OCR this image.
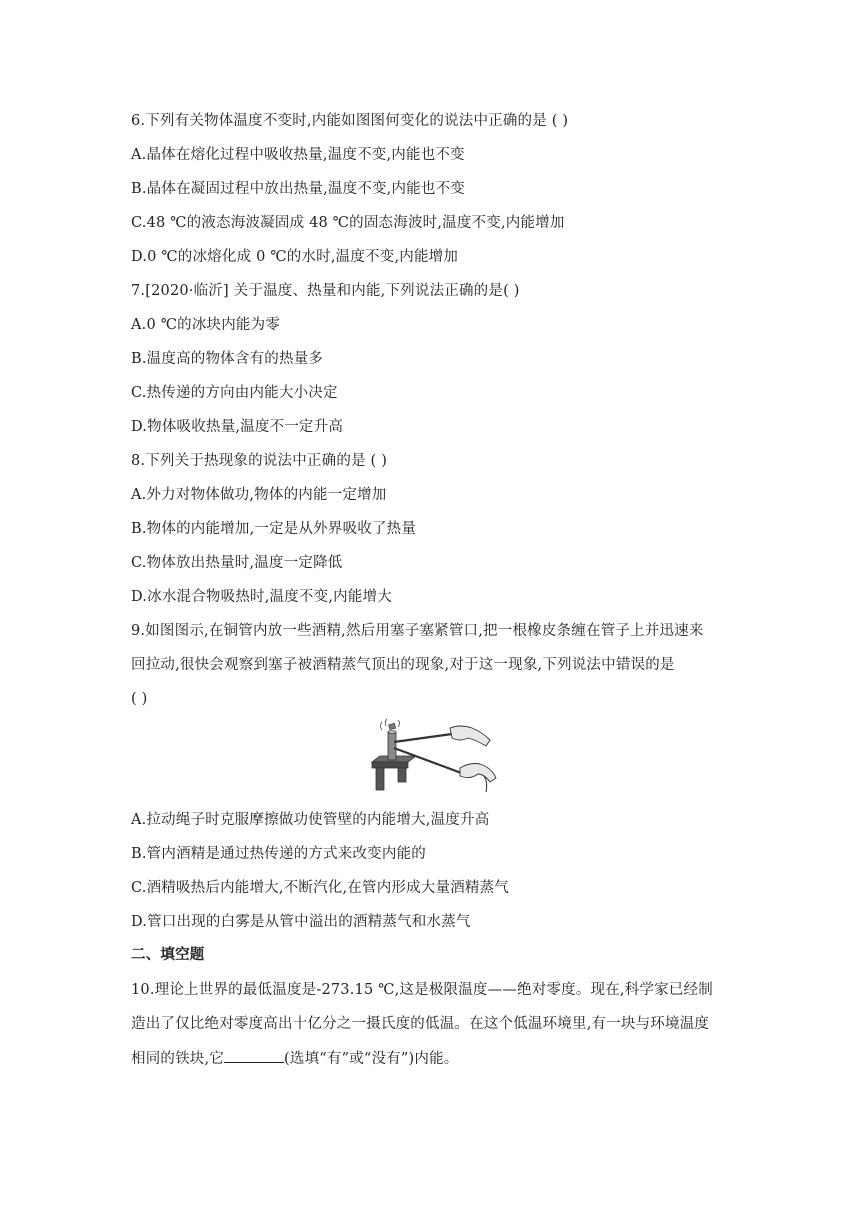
6.下列有关物体温度不变时,内能如图图何变化的说法中正确的是 ( )
A.晶体在熔化过程中吸收热量,温度不变,内能也不变
B.晶体在凝固过程中放出热量,温度不变,内能也不变
C.48 ℃的液态海波凝固成 48 ℃的固态海波时,温度不变,内能增加
D.0 ℃的冰熔化成 0 ℃的水时,温度不变,内能增加
7.[2020·临沂] 关于温度、热量和内能,下列说法正确的是( )
A.0 ℃的冰块内能为零
B.温度高的物体含有的热量多
C.热传递的方向由内能大小决定
D.物体吸收热量,温度不一定升高
8.下列关于热现象的说法中正确的是 ( )
A.外力对物体做功,物体的内能一定增加
B.物体的内能增加,一定是从外界吸收了热量
C.物体放出热量时,温度一定降低
D.冰水混合物吸热时,温度不变,内能增大
9.如图图示,在铜管内放一些酒精,然后用塞子塞紧管口,把一根橡皮条缠在管子上并迅速来
回拉动,很快会观察到塞子被酒精蒸气顶出的现象,对于这一现象,下列说法中错误的是
( )
A.拉动绳子时克服摩擦做功使管壁的内能增大,温度升高
B.管内酒精是通过热传递的方式来改变内能的
C.酒精吸热后内能增大,不断汽化,在管内形成大量酒精蒸气
D.管口出现的白雾是从管中溢出的酒精蒸气和水蒸气
二、填空题
10.理论上世界的最低温度是-273.15 ℃,这是极限温度——绝对零度。现在,科学家已经制
造出了仅比绝对零度高出十亿分之一摄氏度的低温。在这个低温环境里,有一块与环境温度
相同的铁块,它	(选填“有”或“没有”)内能。
